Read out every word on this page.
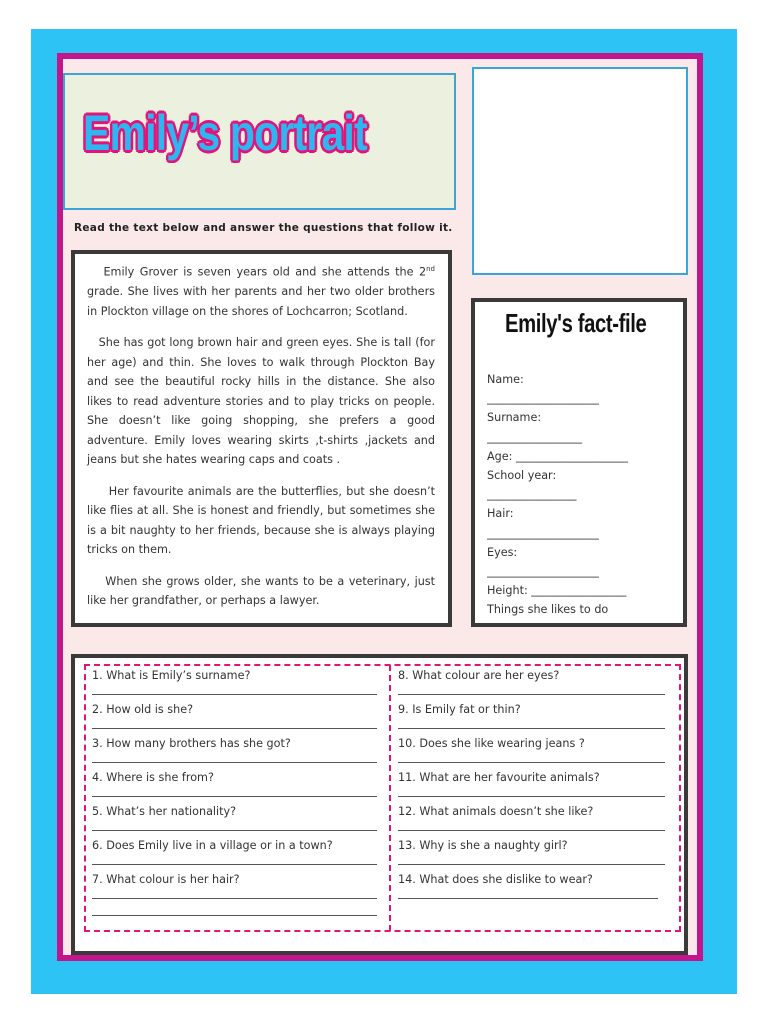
Emily’s portrait
Read the text below and answer the questions that follow it.

Emily Grover is seven years old and she attends the 2nd grade. She lives with her parents and her two older brothers in Plockton village on the shores of Lochcarron; Scotland.

She has got long brown hair and green eyes. She is tall (for her age) and thin. She loves to walk through Plockton Bay and see the beautiful rocky hills in the distance. She also likes to read adventure stories and to play tricks on people. She doesn’t like going shopping, she prefers a good adventure. Emily loves wearing skirts ,t-shirts ,jackets and jeans but she hates wearing caps and coats .

Her favourite animals are the butterflies, but she doesn’t like flies at all. She is honest and friendly, but sometimes she is a bit naughty to her friends, because she is always playing tricks on them.

When she grows older, she wants to be a veterinary, just like her grandfather, or perhaps a lawyer.

Emily's fact-file
Name:
____________________
Surname:
_________________
Age: ____________________
School year:
________________
Hair:
____________________
Eyes:
____________________
Height: _________________
Things she likes to do
1. What is Emily’s surname?
2. How old is she?
3. How many brothers has she got?
4. Where is she from?
5. What’s her nationality?
6. Does Emily live in a village or in a town?
7. What colour is her hair?
8. What colour are her eyes?
9. Is Emily fat or thin?
10. Does she like wearing jeans ?
11. What are her favourite animals?
12. What animals doesn’t she like?
13. Why is she a naughty girl?
14. What does she dislike to wear?
